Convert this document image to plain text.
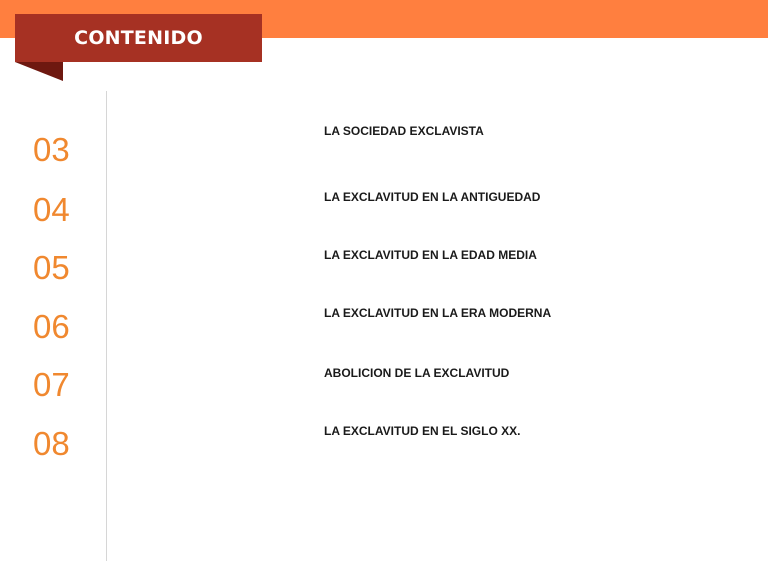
CONTENIDO
03
04
05
06
07
08
LA SOCIEDAD EXCLAVISTA
LA EXCLAVITUD EN LA ANTIGUEDAD
LA EXCLAVITUD EN LA EDAD MEDIA
LA EXCLAVITUD EN LA ERA MODERNA
ABOLICION DE LA EXCLAVITUD
LA EXCLAVITUD EN EL SIGLO XX.
